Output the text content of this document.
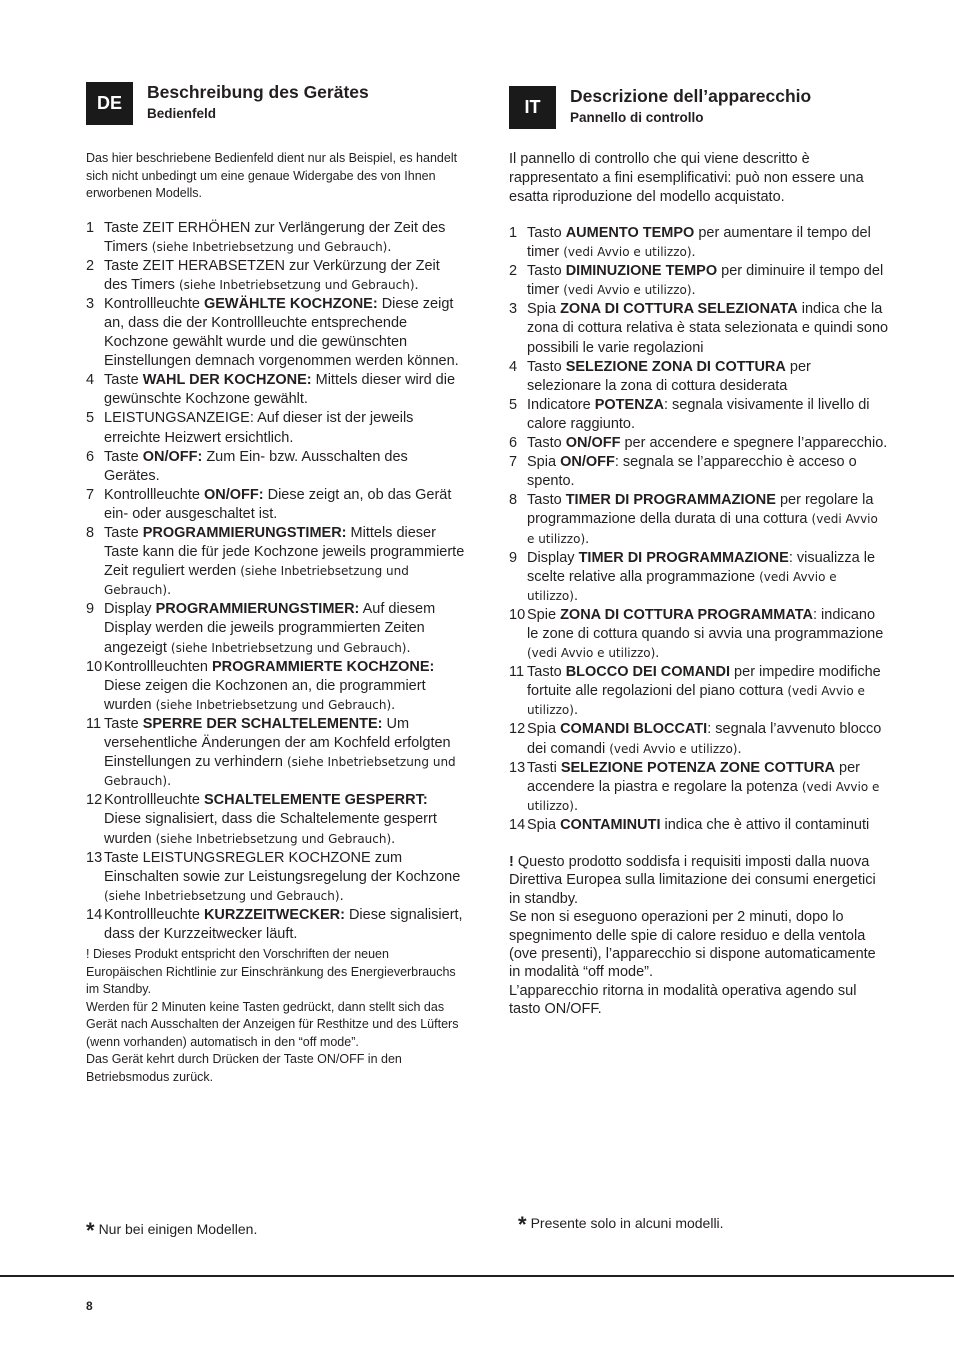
DE
Beschreibung des Gerätes
Bedienfeld
Das hier beschriebene Bedienfeld dient nur als Beispiel, es handelt sich nicht unbedingt um eine genaue Widergabe des von Ihnen erworbenen Modells.
1 Taste ZEIT ERHÖHEN zur Verlängerung der Zeit des Timers (siehe Inbetriebsetzung und Gebrauch).
2 Taste ZEIT HERABSETZEN zur Verkürzung der Zeit des Timers (siehe Inbetriebsetzung und Gebrauch).
3 Kontrollleuchte GEWÄHLTE KOCHZONE: Diese zeigt an, dass die der Kontrollleuchte entsprechende Kochzone gewählt wurde und die gewünschten Einstellungen demnach vorgenommen werden können.
4 Taste WAHL DER KOCHZONE: Mittels dieser wird die gewünschte Kochzone gewählt.
5 LEISTUNGSANZEIGE: Auf dieser ist der jeweils erreichte Heizwert ersichtlich.
6 Taste ON/OFF: Zum Ein- bzw. Ausschalten des Gerätes.
7 Kontrollleuchte ON/OFF: Diese zeigt an, ob das Gerät ein- oder ausgeschaltet ist.
8 Taste PROGRAMMIERUNGSTIMER: Mittels dieser Taste kann die für jede Kochzone jeweils programmierte Zeit reguliert werden (siehe Inbetriebsetzung und Gebrauch).
9 Display PROGRAMMIERUNGSTIMER: Auf diesem Display werden die jeweils programmierten Zeiten angezeigt (siehe Inbetriebsetzung und Gebrauch).
10 Kontrollleuchten PROGRAMMIERTE KOCHZONE: Diese zeigen die Kochzonen an, die programmiert wurden (siehe Inbetriebsetzung und Gebrauch).
11 Taste SPERRE DER SCHALTELEMENTE: Um versehentliche Änderungen der am Kochfeld erfolgten Einstellungen zu verhindern (siehe Inbetriebsetzung und Gebrauch).
12 Kontrollleuchte SCHALTELEMENTE GESPERRT: Diese signalisiert, dass die Schaltelemente gesperrt wurden (siehe Inbetriebsetzung und Gebrauch).
13 Taste LEISTUNGSREGLER KOCHZONE zum Einschalten sowie zur Leistungsregelung der Kochzone (siehe Inbetriebsetzung und Gebrauch).
14 Kontrollleuchte KURZZEITWECKER: Diese signalisiert, dass der Kurzzeitwecker läuft.
! Dieses Produkt entspricht den Vorschriften der neuen Europäischen Richtlinie zur Einschränkung des Energieverbrauchs im Standby.
Werden für 2 Minuten keine Tasten gedrückt, dann stellt sich das Gerät nach Ausschalten der Anzeigen für Resthitze und des Lüfters (wenn vorhanden) automatisch in den “off mode”.
Das Gerät kehrt durch Drücken der Taste ON/OFF in den Betriebsmodus zurück.
IT
Descrizione dell’apparecchio
Pannello di controllo
Il pannello di controllo che qui viene descritto è rappresentato a fini esemplificativi: può non essere una esatta riproduzione del modello acquistato.
1 Tasto AUMENTO TEMPO per aumentare il tempo del timer (vedi Avvio e utilizzo).
2 Tasto DIMINUZIONE TEMPO per diminuire il tempo del timer (vedi Avvio e utilizzo).
3 Spia ZONA DI COTTURA SELEZIONATA indica che la zona di cottura relativa è stata selezionata e quindi sono possibili le varie regolazioni
4 Tasto SELEZIONE ZONA DI COTTURA per selezionare la zona di cottura desiderata
5 Indicatore POTENZA: segnala visivamente il livello di calore raggiunto.
6 Tasto ON/OFF per accendere e spegnere l’apparecchio.
7 Spia ON/OFF: segnala se l’apparecchio è acceso o spento.
8 Tasto TIMER DI PROGRAMMAZIONE per regolare la programmazione della durata di una cottura (vedi Avvio e utilizzo).
9 Display TIMER DI PROGRAMMAZIONE: visualizza le scelte relative alla programmazione (vedi Avvio e utilizzo).
10 Spie ZONA DI COTTURA PROGRAMMATA: indicano le zone di cottura quando si avvia una programmazione (vedi Avvio e utilizzo).
11 Tasto BLOCCO DEI COMANDI per impedire modifiche fortuite alle regolazioni del piano cottura (vedi Avvio e utilizzo).
12 Spia COMANDI BLOCCATI: segnala l’avvenuto blocco dei comandi (vedi Avvio e utilizzo).
13 Tasti SELEZIONE POTENZA ZONE COTTURA per accendere la piastra e regolare la potenza (vedi Avvio e utilizzo).
14 Spia CONTAMINUTI indica che è attivo il contaminuti
! Questo prodotto soddisfa i requisiti imposti dalla nuova Direttiva Europea sulla limitazione dei consumi energetici in standby.
Se non si eseguono operazioni per 2 minuti, dopo lo spegnimento delle spie di calore residuo e della ventola (ove presenti), l’apparecchio si dispone automaticamente in modalità “off mode”.
L’apparecchio ritorna in modalità operativa agendo sul tasto ON/OFF.
* Nur bei einigen Modellen.	* Presente solo in alcuni modelli.
8
